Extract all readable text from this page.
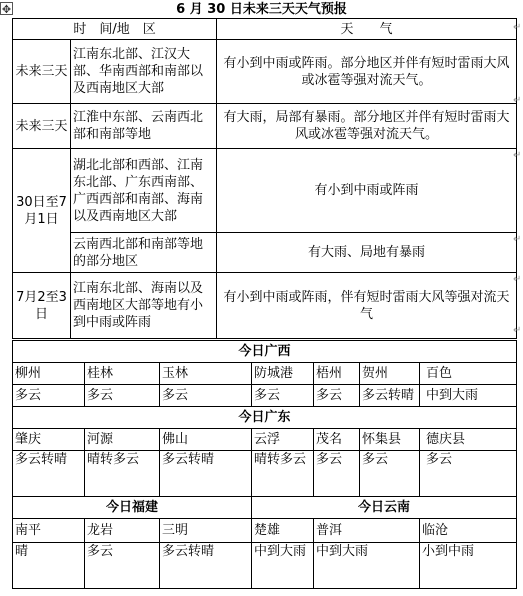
✥	6 月 30 日未来三天天气预报
时　间/地　区		天　　气
未来三天	江南东北部、江汉大部、华南西部和南部以及西南地区大部	有小到中雨或阵雨。部分地区并伴有短时雷雨大风或冰雹等强对流天气。
未来三天	江淮中东部、云南西北部和南部等地	有大雨，局部有暴雨。部分地区并伴有短时雷雨大风或冰雹等强对流天气。
30日至7月1日	湖北北部和西部、江南东北部、广东西南部、广西西部和南部、海南以及西南地区大部	有小到中雨或阵雨
	云南西北部和南部等地的部分地区	有大雨、局地有暴雨
7月2至3日	江南东北部、海南以及西南地区大部等地有小到中雨或阵雨	有小到中雨或阵雨，伴有短时雷雨大风等强对流天气
今日广西						
柳州	桂林	玉林	防城港	梧州	贺州	百色
多云	多云	多云	多云	多云	多云转晴	中到大雨
今日广东						
肇庆	河源	佛山	云浮	茂名	怀集县	德庆县
多云转晴	晴转多云	多云转晴	晴转多云	多云	多云	多云
今日福建			今日云南			
南平	龙岩	三明	楚雄	普洱		临沧
晴	多云	多云转晴	中到大雨	中到大雨		小到中雨
↵
↵
↵
↵
↵
↵
